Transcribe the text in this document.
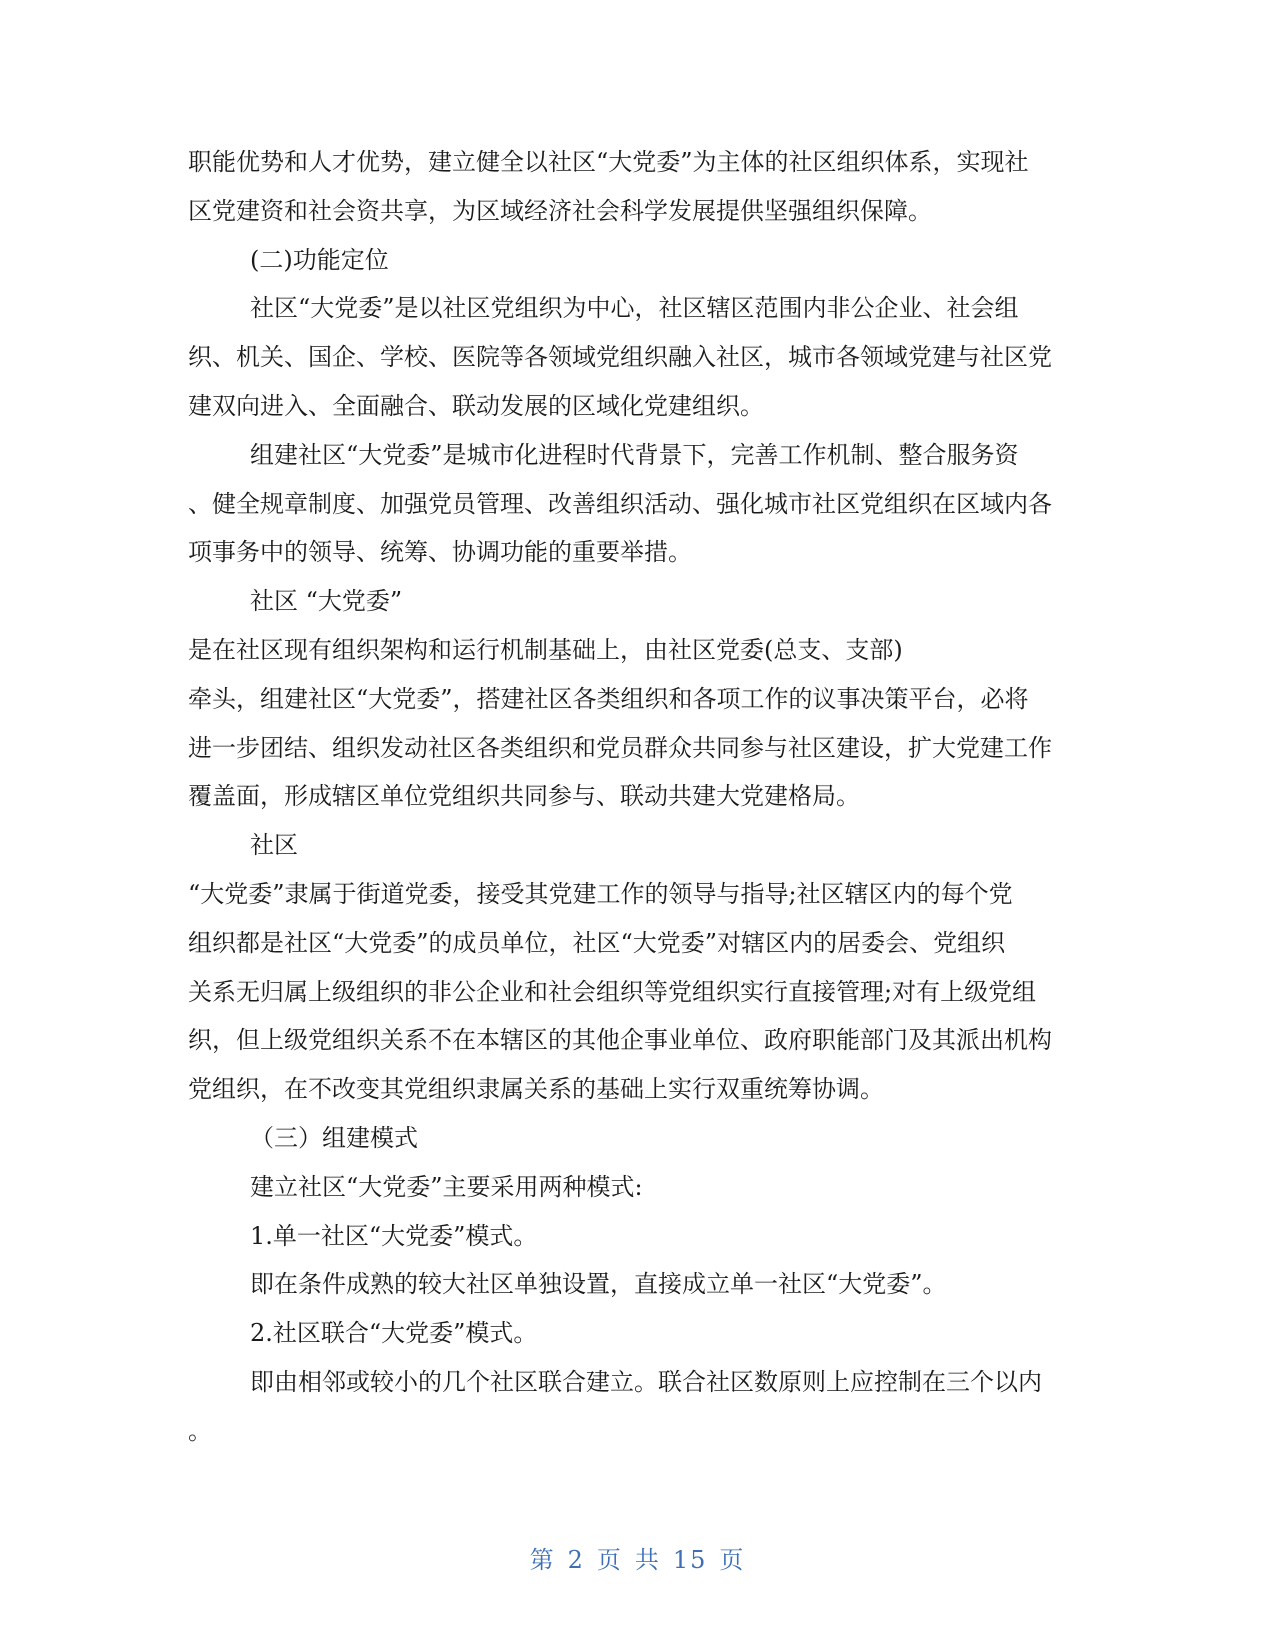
职能优势和人才优势，建立健全以社区“大党委”为主体的社区组织体系，实现社
区党建资和社会资共享，为区域经济社会科学发展提供坚强组织保障。
(二)功能定位
社区“大党委”是以社区党组织为中心，社区辖区范围内非公企业、社会组
织、机关、国企、学校、医院等各领域党组织融入社区，城市各领域党建与社区党
建双向进入、全面融合、联动发展的区域化党建组织。
组建社区“大党委”是城市化进程时代背景下，完善工作机制、整合服务资
、健全规章制度、加强党员管理、改善组织活动、强化城市社区党组织在区域内各
项事务中的领导、统筹、协调功能的重要举措。
社区 “大党委”
是在社区现有组织架构和运行机制基础上，由社区党委(总支、支部)
牵头，组建社区“大党委”，搭建社区各类组织和各项工作的议事决策平台，必将
进一步团结、组织发动社区各类组织和党员群众共同参与社区建设，扩大党建工作
覆盖面，形成辖区单位党组织共同参与、联动共建大党建格局。
社区
“大党委”隶属于街道党委，接受其党建工作的领导与指导;社区辖区内的每个党
组织都是社区“大党委”的成员单位，社区“大党委”对辖区内的居委会、党组织
关系无归属上级组织的非公企业和社会组织等党组织实行直接管理;对有上级党组
织，但上级党组织关系不在本辖区的其他企事业单位、政府职能部门及其派出机构
党组织，在不改变其党组织隶属关系的基础上实行双重统筹协调。
（三）组建模式
建立社区“大党委”主要采用两种模式:
1.单一社区“大党委”模式。
即在条件成熟的较大社区单独设置，直接成立单一社区“大党委”。
2.社区联合“大党委”模式。
即由相邻或较小的几个社区联合建立。联合社区数原则上应控制在三个以内
。
第 2 页 共 15 页
